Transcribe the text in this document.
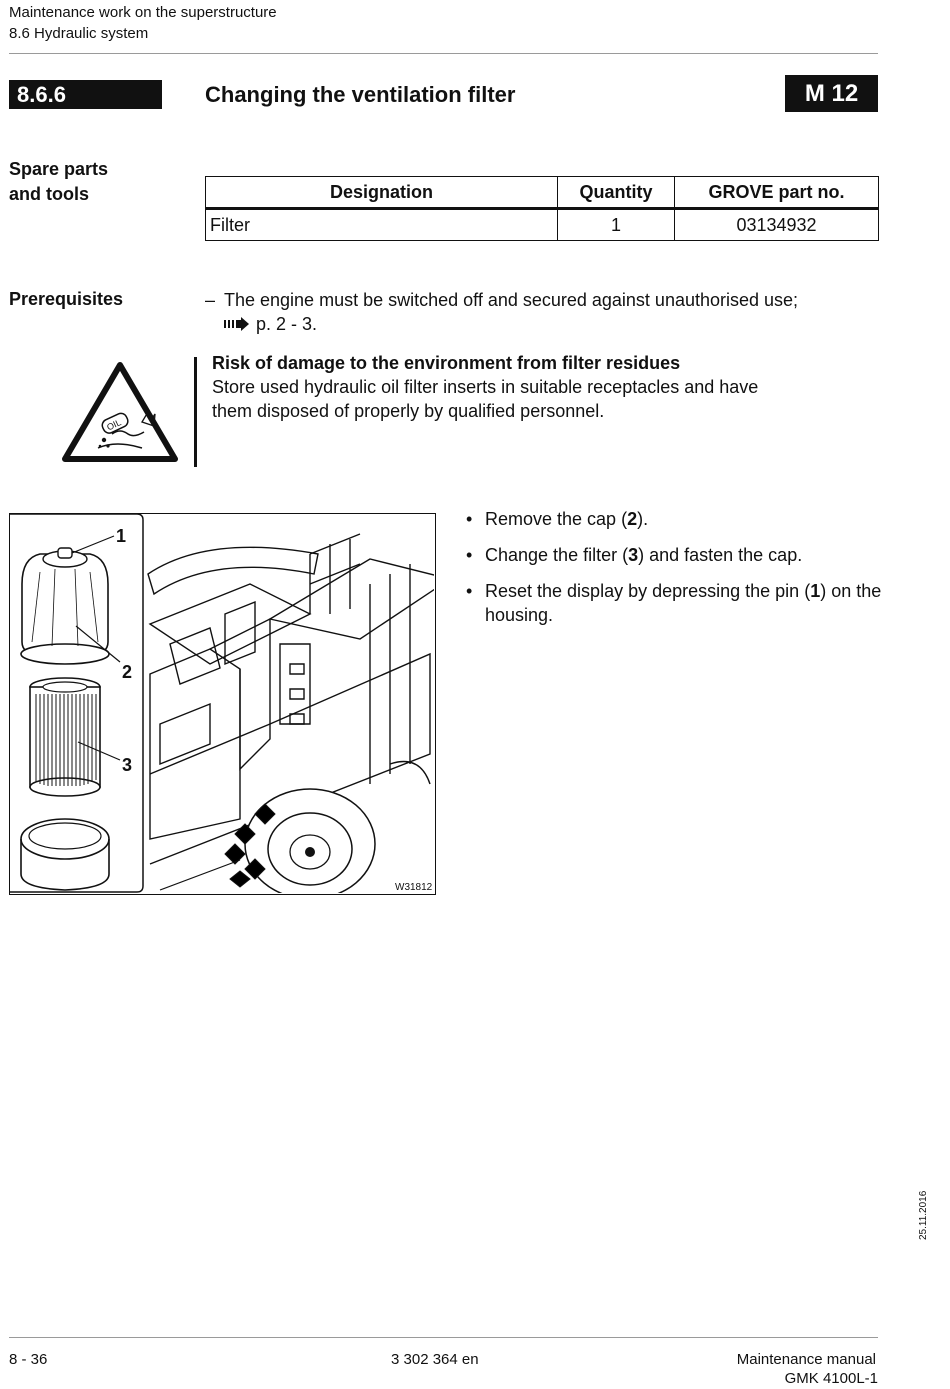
Maintenance work on the superstructure
8.6 Hydraulic system
8.6.6	Changing the ventilation filter	M 12
Spare parts
and tools	Designation	Quantity	GROVE part no.
Filter	1	03134932
Prerequisites	– The engine must be switched off and secured against unauthorised use;
p. 2 - 3.
OIL
Risk of damage to the environment from filter residues
Store used hydraulic oil filter inserts in suitable receptacles and have
them disposed of properly by qualified personnel.
1
2
3
W31812
• Remove the cap (2).
• Change the filter (3) and fasten the cap.
• Reset the display by depressing the pin (1) on the housing.
25.11.2016
8 - 36	3 302 364 en	Maintenance manual
GMK 4100L-1
